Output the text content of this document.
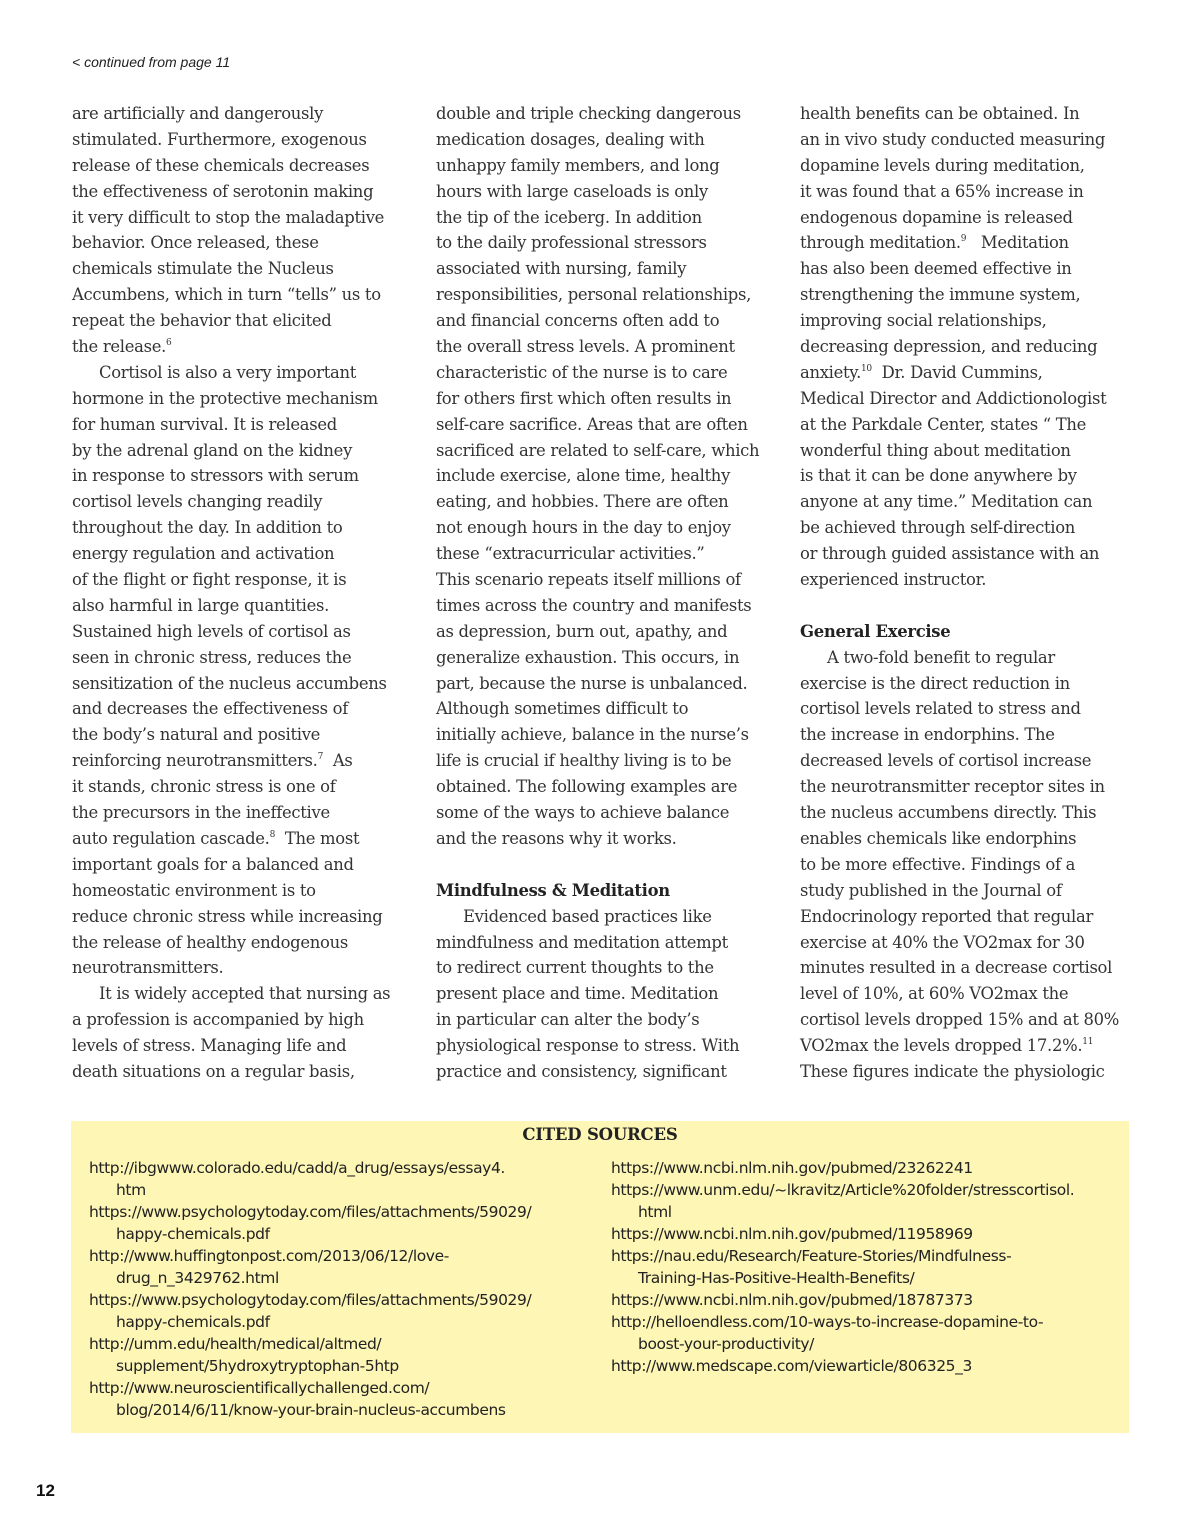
< continued from page 11
are artificially and dangerously
stimulated. Furthermore, exogenous
release of these chemicals decreases
the effectiveness of serotonin making
it very difficult to stop the maladaptive
behavior. Once released, these
chemicals stimulate the Nucleus
Accumbens, which in turn “tells” us to
repeat the behavior that elicited
the release.$^6$
Cortisol is also a very important
hormone in the protective mechanism
for human survival. It is released
by the adrenal gland on the kidney
in response to stressors with serum
cortisol levels changing readily
throughout the day. In addition to
energy regulation and activation
of the flight or fight response, it is
also harmful in large quantities.
Sustained high levels of cortisol as
seen in chronic stress, reduces the
sensitization of the nucleus accumbens
and decreases the effectiveness of
the body’s natural and positive
reinforcing neurotransmitters.$^7$  As
it stands, chronic stress is one of
the precursors in the ineffective
auto regulation cascade.$^8$  The most
important goals for a balanced and
homeostatic environment is to
reduce chronic stress while increasing
the release of healthy endogenous
neurotransmitters.
It is widely accepted that nursing as
a profession is accompanied by high
levels of stress. Managing life and
death situations on a regular basis,
double and triple checking dangerous
medication dosages, dealing with
unhappy family members, and long
hours with large caseloads is only
the tip of the iceberg. In addition
to the daily professional stressors
associated with nursing, family
responsibilities, personal relationships,
and financial concerns often add to
the overall stress levels. A prominent
characteristic of the nurse is to care
for others first which often results in
self-care sacrifice. Areas that are often
sacrificed are related to self-care, which
include exercise, alone time, healthy
eating, and hobbies. There are often
not enough hours in the day to enjoy
these “extracurricular activities.”
This scenario repeats itself millions of
times across the country and manifests
as depression, burn out, apathy, and
generalize exhaustion. This occurs, in
part, because the nurse is unbalanced.
Although sometimes difficult to
initially achieve, balance in the nurse’s
life is crucial if healthy living is to be
obtained. The following examples are
some of the ways to achieve balance
and the reasons why it works.
Mindfulness & Meditation
Evidenced based practices like
mindfulness and meditation attempt
to redirect current thoughts to the
present place and time. Meditation
in particular can alter the body’s
physiological response to stress. With
practice and consistency, significant
health benefits can be obtained. In
an in vivo study conducted measuring
dopamine levels during meditation,
it was found that a 65% increase in
endogenous dopamine is released
through meditation.$^9$   Meditation
has also been deemed effective in
strengthening the immune system,
improving social relationships,
decreasing depression, and reducing
anxiety.$^{10}$  Dr. David Cummins,
Medical Director and Addictionologist
at the Parkdale Center, states “ The
wonderful thing about meditation
is that it can be done anywhere by
anyone at any time.” Meditation can
be achieved through self-direction
or through guided assistance with an
experienced instructor.
General Exercise
A two-fold benefit to regular
exercise is the direct reduction in
cortisol levels related to stress and
the increase in endorphins. The
decreased levels of cortisol increase
the neurotransmitter receptor sites in
the nucleus accumbens directly. This
enables chemicals like endorphins
to be more effective. Findings of a
study published in the Journal of
Endocrinology reported that regular
exercise at 40% the VO2max for 30
minutes resulted in a decrease cortisol
level of 10%, at 60% VO2max the
cortisol levels dropped 15% and at 80%
VO2max the levels dropped 17.2%.$^{11}$
These figures indicate the physiologic
CITED SOURCES
http://ibgwww.colorado.edu/cadd/a_drug/essays/essay4.
htm
https://www.psychologytoday.com/files/attachments/59029/
happy-chemicals.pdf
http://www.huffingtonpost.com/2013/06/12/love-
drug_n_3429762.html
https://www.psychologytoday.com/files/attachments/59029/
happy-chemicals.pdf
http://umm.edu/health/medical/altmed/
supplement/5hydroxytryptophan-5htp
http://www.neuroscientificallychallenged.com/
blog/2014/6/11/know-your-brain-nucleus-accumbens
https://www.ncbi.nlm.nih.gov/pubmed/23262241
https://www.unm.edu/~lkravitz/Article%20folder/stresscortisol.
html
https://www.ncbi.nlm.nih.gov/pubmed/11958969
https://nau.edu/Research/Feature-Stories/Mindfulness-
Training-Has-Positive-Health-Benefits/
https://www.ncbi.nlm.nih.gov/pubmed/18787373
http://helloendless.com/10-ways-to-increase-dopamine-to-
boost-your-productivity/
http://www.medscape.com/viewarticle/806325_3
12
